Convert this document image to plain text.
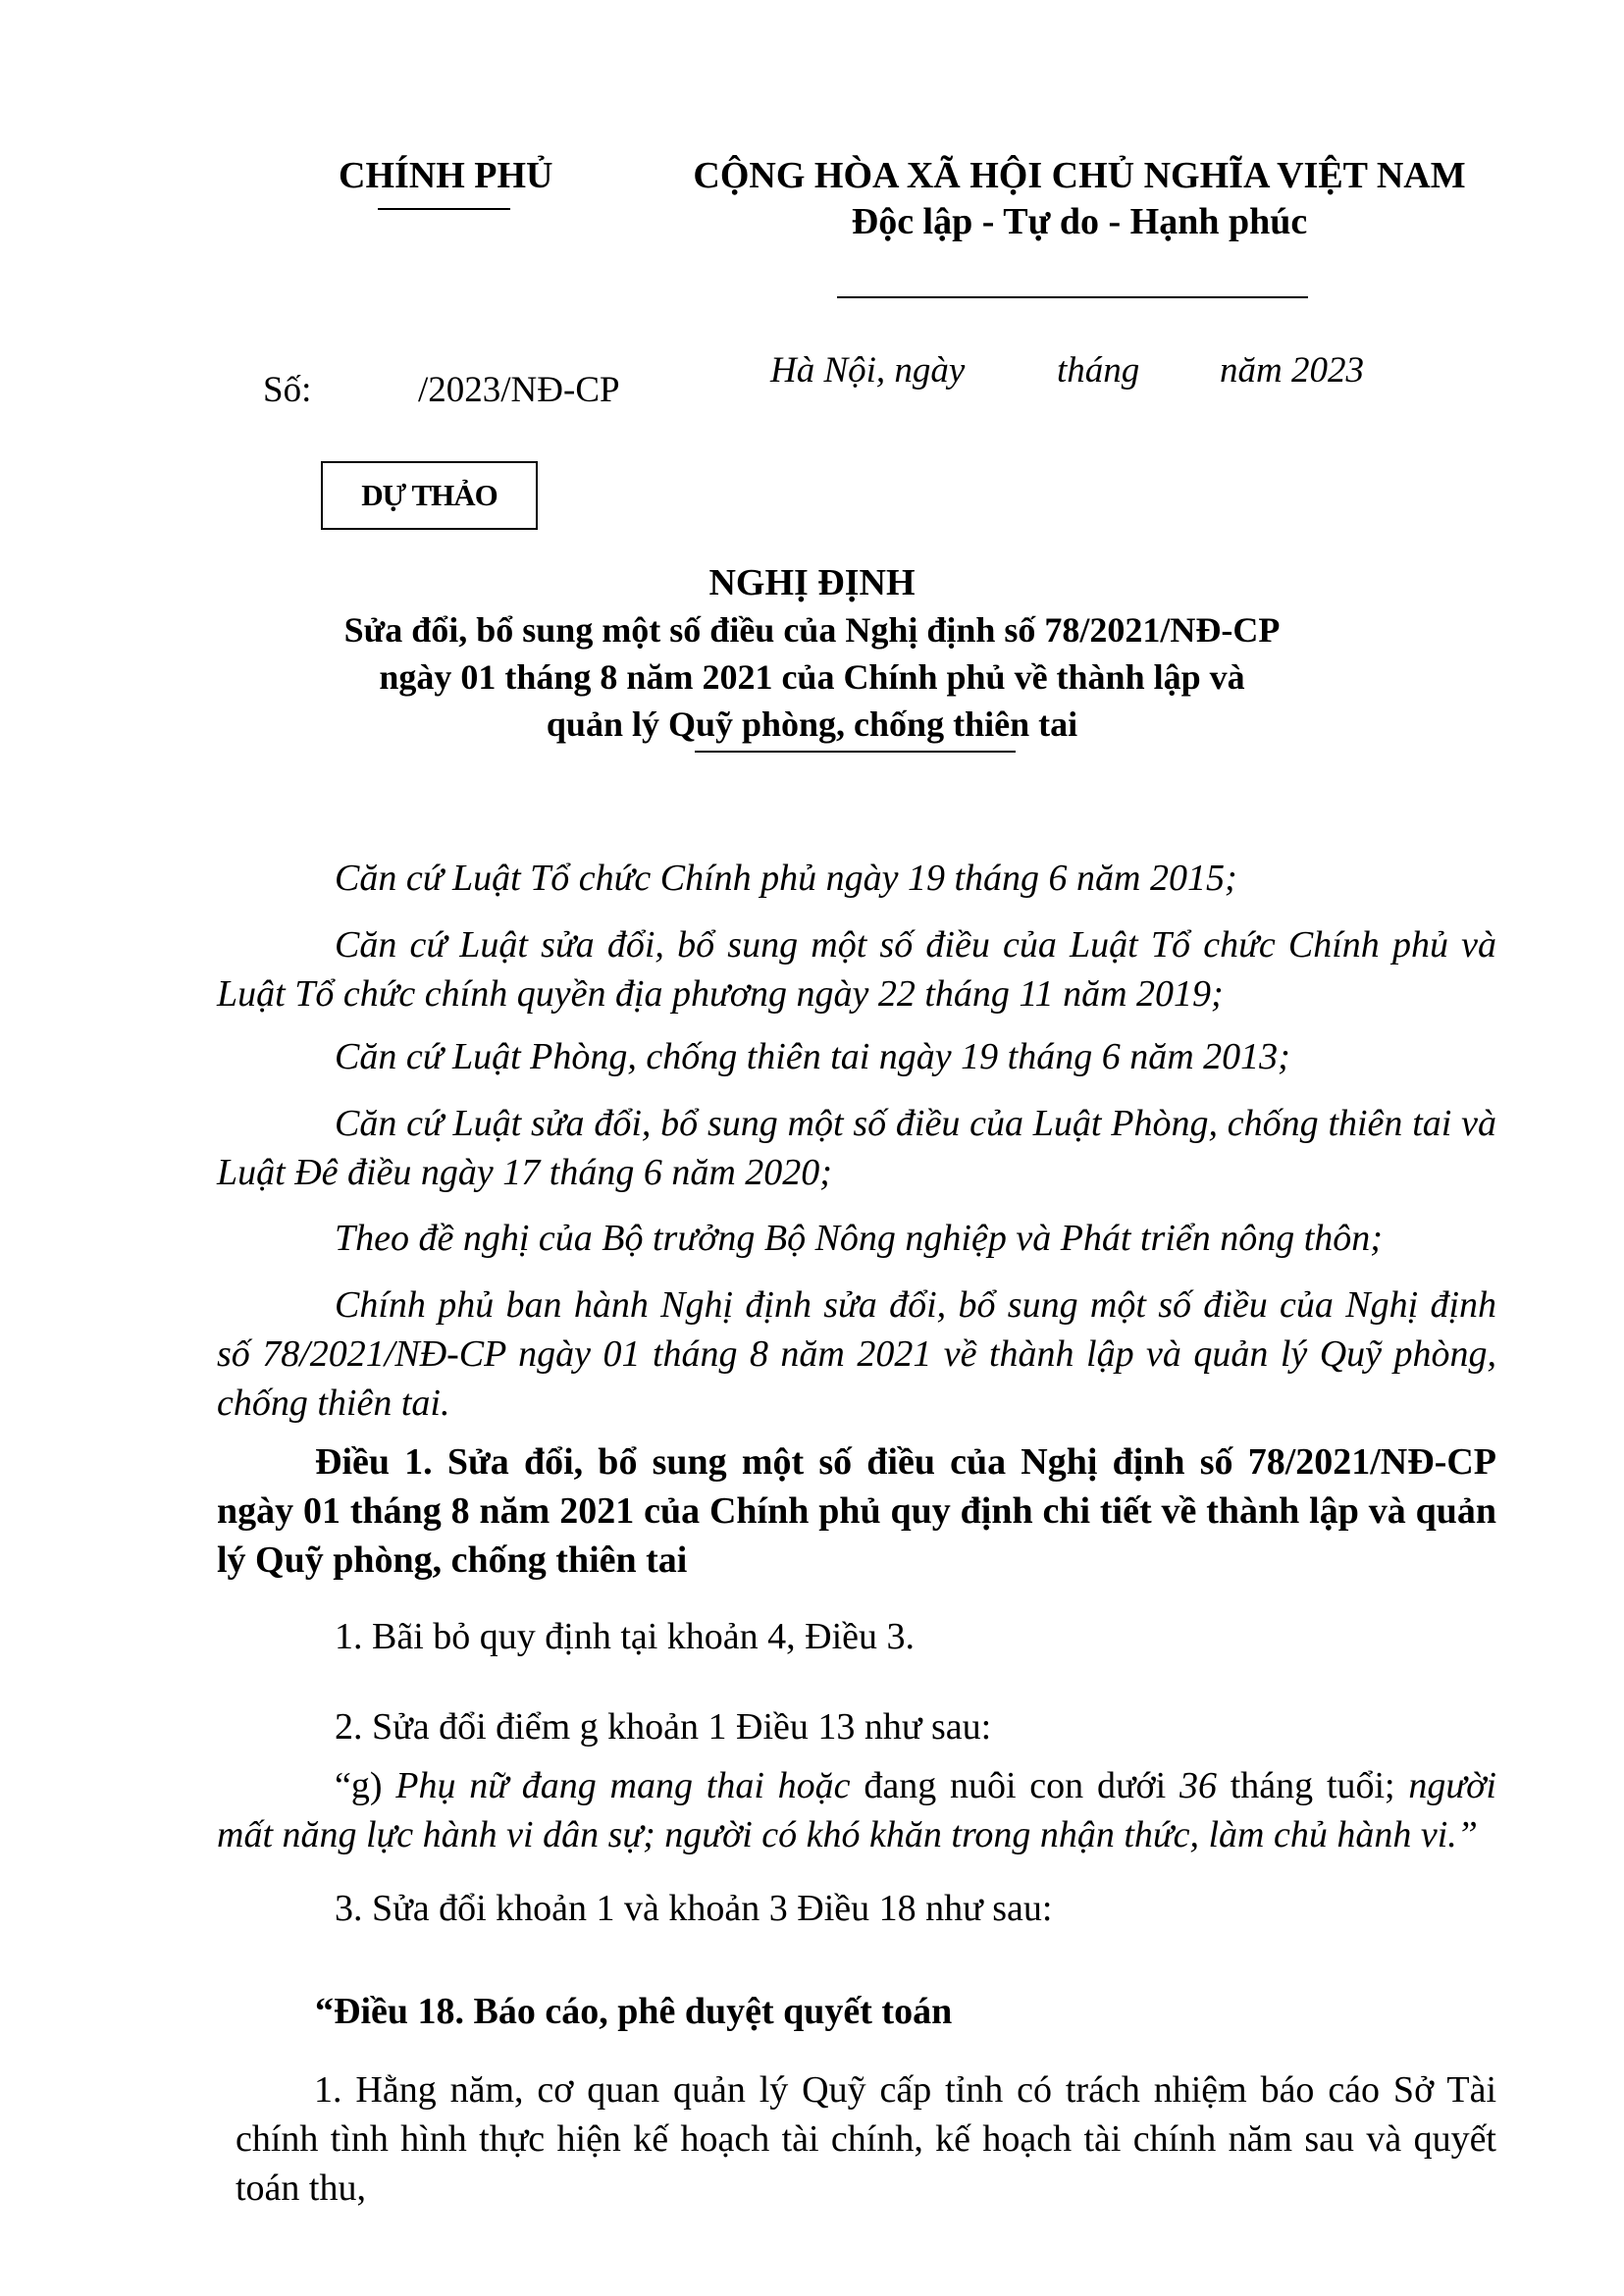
CHÍNH PHỦ	CỘNG HÒA XÃ HỘI CHỦ NGHĨA VIỆT NAM
Độc lập - Tự do - Hạnh phúc
Số:	/2023/NĐ-CP	Hà Nội, ngày	tháng năm 2023
DỰ THẢO
NGHỊ ĐỊNH
Sửa đổi, bổ sung một số điều của Nghị định số 78/2021/NĐ-CP
ngày 01 tháng 8 năm 2021 của Chính phủ về thành lập và
quản lý Quỹ phòng, chống thiên tai
Căn cứ Luật Tổ chức Chính phủ ngày 19 tháng 6 năm 2015;
Căn cứ Luật sửa đổi, bổ sung một số điều của Luật Tổ chức Chính phủ và Luật Tổ chức chính quyền địa phương ngày 22 tháng 11 năm 2019;
Căn cứ Luật Phòng, chống thiên tai ngày 19 tháng 6 năm 2013;
Căn cứ Luật sửa đổi, bổ sung một số điều của Luật Phòng, chống thiên tai và Luật Đê điều ngày 17 tháng 6 năm 2020;
Theo đề nghị của Bộ trưởng Bộ Nông nghiệp và Phát triển nông thôn;
Chính phủ ban hành Nghị định sửa đổi, bổ sung một số điều của Nghị định số 78/2021/NĐ-CP ngày 01 tháng 8 năm 2021 về thành lập và quản lý Quỹ phòng, chống thiên tai.
Điều 1. Sửa đổi, bổ sung một số điều của Nghị định số 78/2021/NĐ-CP ngày 01 tháng 8 năm 2021 của Chính phủ quy định chi tiết về thành lập và quản lý Quỹ phòng, chống thiên tai
1. Bãi bỏ quy định tại khoản 4, Điều 3.
2. Sửa đổi điểm g khoản 1 Điều 13 như sau:
“g) Phụ nữ đang mang thai hoặc đang nuôi con dưới 36 tháng tuổi; người mất năng lực hành vi dân sự; người có khó khăn trong nhận thức, làm chủ hành vi.”
3. Sửa đổi khoản 1 và khoản 3 Điều 18 như sau:
“Điều 18. Báo cáo, phê duyệt quyết toán
1. Hằng năm, cơ quan quản lý Quỹ cấp tỉnh có trách nhiệm báo cáo Sở Tài chính tình hình thực hiện kế hoạch tài chính, kế hoạch tài chính năm sau và quyết toán thu,
